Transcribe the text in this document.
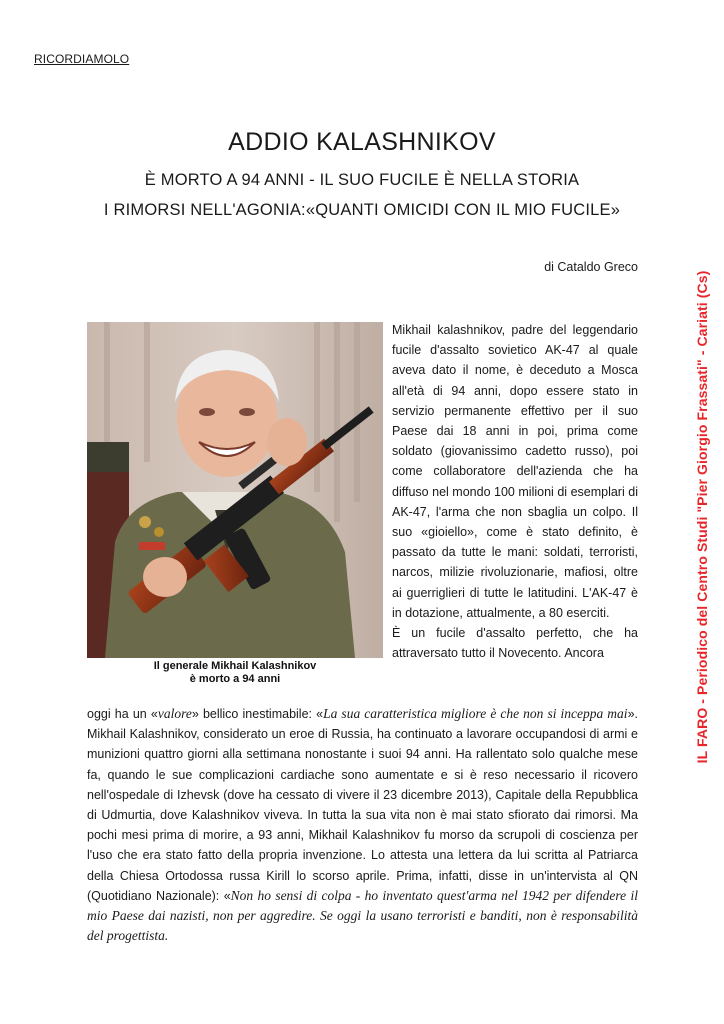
RICORDIAMOLO
ADDIO KALASHNIKOV
È MORTO A 94 ANNI - IL SUO FUCILE È NELLA STORIA
I RIMORSI NELL'AGONIA:«QUANTI OMICIDI CON IL MIO FUCILE»
di Cataldo Greco
IL FARO - Periodico del Centro Studi "Pier Giorgio Frassati" - Cariati (Cs)
Il generale Mikhail Kalashnikov
è morto a 94 anni

Mikhail kalashnikov, padre del leggendario fucile d'assalto sovietico AK-47 al quale aveva dato il nome, è deceduto a Mosca all'età di 94 anni, dopo essere stato in servizio permanente effettivo per il suo Paese dai 18 anni in poi, prima come soldato (giovanissimo cadetto russo), poi come collaboratore dell'azienda che ha diffuso nel mondo 100 milioni di esemplari di AK-47, l'arma che non sbaglia un colpo. Il suo «gioiello», come è stato definito, è passato da tutte le mani: soldati, terroristi, narcos, milizie rivoluzionarie, mafiosi, oltre ai guerriglieri di tutte le latitudini. L'AK-47 è in dotazione, attualmente, a 80 eserciti.

È un fucile d'assalto perfetto, che ha attraversato tutto il Novecento. Ancora

oggi ha un «valore» bellico inestimabile: «La sua caratteristica migliore è che non si inceppa mai». Mikhail Kalashnikov, considerato un eroe di Russia, ha continuato a lavorare occupandosi di armi e munizioni quattro giorni alla settimana nonostante i suoi 94 anni. Ha rallentato solo qualche mese fa, quando le sue complicazioni cardiache sono aumentate e si è reso necessario il ricovero nell'ospedale di Izhevsk (dove ha cessato di vivere il 23 dicembre 2013), Capitale della Repubblica di Udmurtia, dove Kalashnikov viveva. In tutta la sua vita non è mai stato sfiorato dai rimorsi. Ma pochi mesi prima di morire, a 93 anni, Mikhail Kalashnikov fu morso da scrupoli di coscienza per l'uso che era stato fatto della propria invenzione. Lo attesta una lettera da lui scritta al Patriarca della Chiesa Ortodossa russa Kirill lo scorso aprile. Prima, infatti, disse in un'intervista al QN (Quotidiano Nazionale): «Non ho sensi di colpa - ho inventato quest'arma nel 1942 per difendere il mio Paese dai nazisti, non per aggredire. Se oggi la usano terroristi e banditi, non è responsabilità del progettista.
